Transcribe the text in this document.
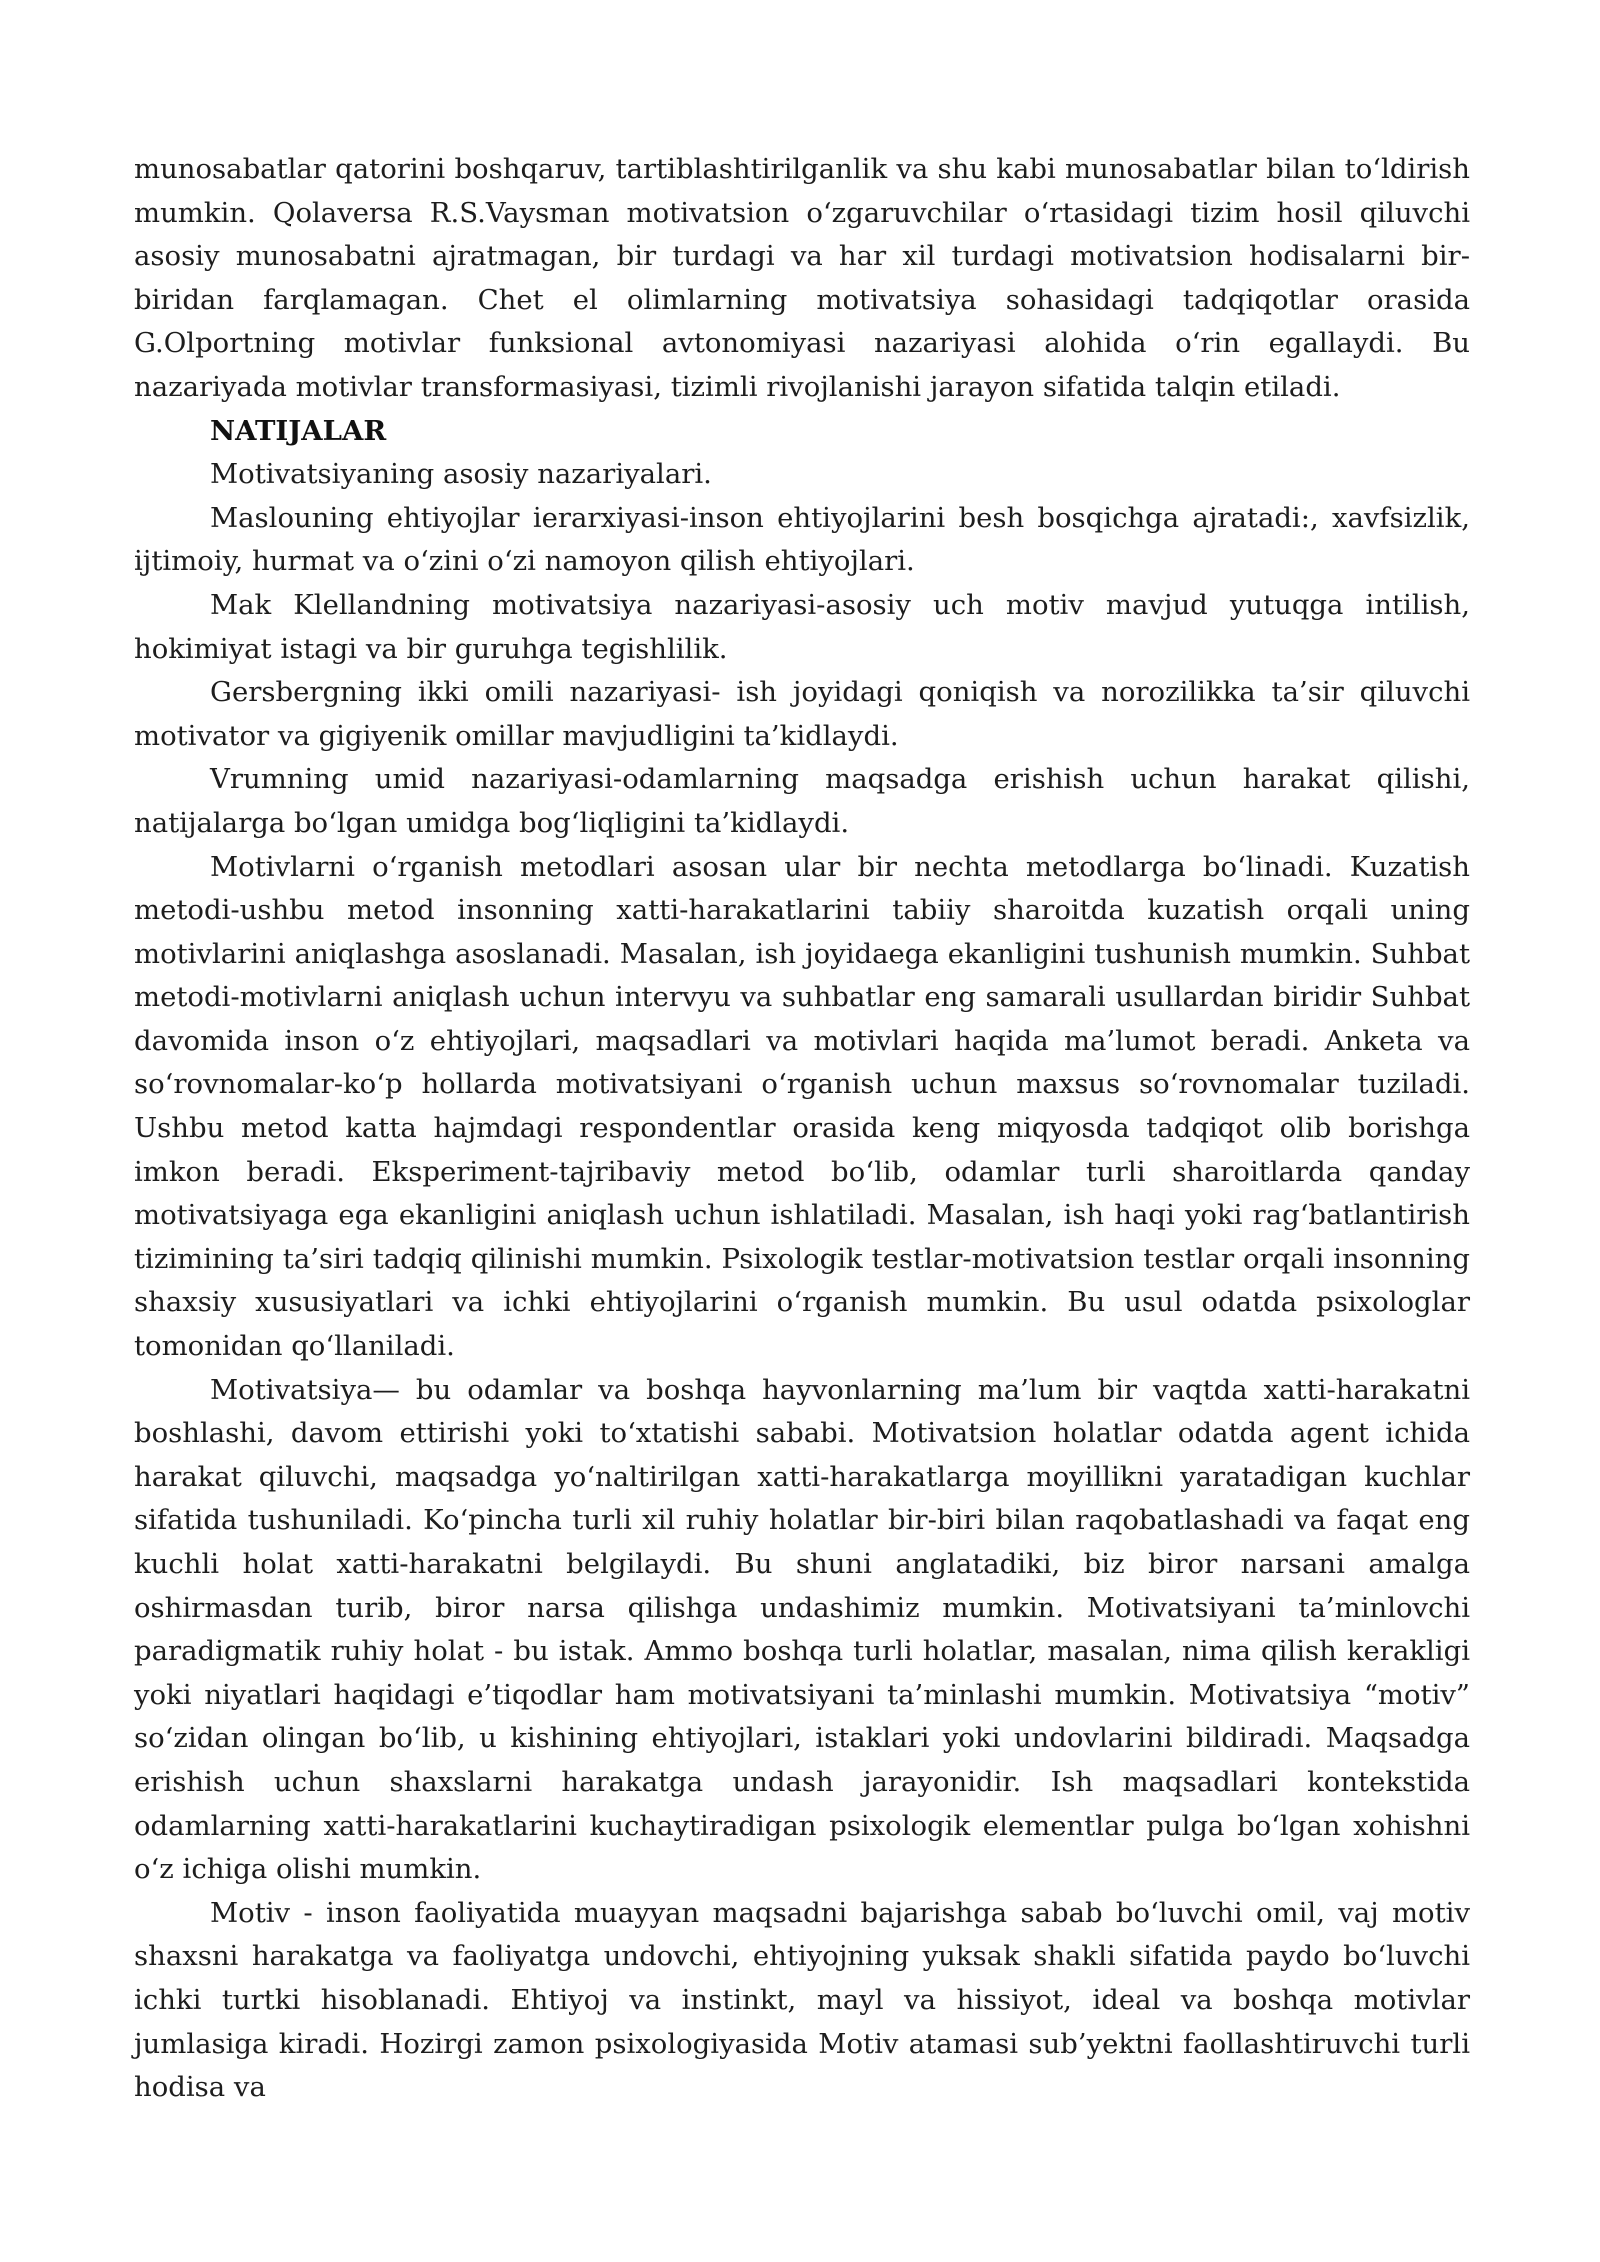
munosabatlar qatorini boshqaruv, tartiblashtirilganlik va shu kabi munosabatlar bilan to‘ldirish mumkin. Qolaversa R.S.Vaysman motivatsion o‘zgaruvchilar o‘rtasidagi tizim hosil qiluvchi asosiy munosabatni ajratmagan, bir turdagi va har xil turdagi motivatsion hodisalarni bir-biridan farqlamagan. Chet el olimlarning motivatsiya sohasidagi tadqiqotlar orasida G.Olportning motivlar funksional avtonomiyasi nazariyasi alohida o‘rin egallaydi. Bu nazariyada motivlar transformasiyasi, tizimli rivojlanishi jarayon sifatida talqin etiladi.

NATIJALAR

Motivatsiyaning asosiy nazariyalari.

Maslouning ehtiyojlar ierarxiyasi-inson ehtiyojlarini besh bosqichga ajratadi:, xavfsizlik, ijtimoiy, hurmat va o‘zini o‘zi namoyon qilish ehtiyojlari.

Mak Klellandning motivatsiya nazariyasi-asosiy uch motiv mavjud yutuqga intilish, hokimiyat istagi va bir guruhga tegishlilik.

Gersbergning ikki omili nazariyasi- ish joyidagi qoniqish va norozilikka ta’sir qiluvchi motivator va gigiyenik omillar mavjudligini ta’kidlaydi.

Vrumning umid nazariyasi-odamlarning maqsadga erishish uchun harakat qilishi, natijalarga bo‘lgan umidga bog‘liqligini ta’kidlaydi.

Motivlarni o‘rganish metodlari asosan ular bir nechta metodlarga bo‘linadi. Kuzatish metodi-ushbu metod insonning xatti-harakatlarini tabiiy sharoitda kuzatish orqali uning motivlarini aniqlashga asoslanadi. Masalan, ish joyidaega ekanligini tushunish mumkin. Suhbat metodi-motivlarni aniqlash uchun intervyu va suhbatlar eng samarali usullardan biridir Suhbat davomida inson o‘z ehtiyojlari, maqsadlari va motivlari haqida ma’lumot beradi. Anketa va so‘rovnomalar-ko‘p hollarda motivatsiyani o‘rganish uchun maxsus so‘rovnomalar tuziladi. Ushbu metod katta hajmdagi respondentlar orasida keng miqyosda tadqiqot olib borishga imkon beradi. Eksperiment-tajribaviy metod bo‘lib, odamlar turli sharoitlarda qanday motivatsiyaga ega ekanligini aniqlash uchun ishlatiladi. Masalan, ish haqi yoki rag‘batlantirish tizimining ta’siri tadqiq qilinishi mumkin. Psixologik testlar-motivatsion testlar orqali insonning shaxsiy xususiyatlari va ichki ehtiyojlarini o‘rganish mumkin. Bu usul odatda psixologlar tomonidan qo‘llaniladi.

Motivatsiya— bu odamlar va boshqa hayvonlarning ma’lum bir vaqtda xatti-harakatni boshlashi, davom ettirishi yoki to‘xtatishi sababi. Motivatsion holatlar odatda agent ichida harakat qiluvchi, maqsadga yo‘naltirilgan xatti-harakatlarga moyillikni yaratadigan kuchlar sifatida tushuniladi. Ko‘pincha turli xil ruhiy holatlar bir-biri bilan raqobatlashadi va faqat eng kuchli holat xatti-harakatni belgilaydi. Bu shuni anglatadiki, biz biror narsani amalga oshirmasdan turib, biror narsa qilishga undashimiz mumkin. Motivatsiyani ta’minlovchi paradigmatik ruhiy holat - bu istak. Ammo boshqa turli holatlar, masalan, nima qilish kerakligi yoki niyatlari haqidagi e’tiqodlar ham motivatsiyani ta’minlashi mumkin. Motivatsiya “motiv” so‘zidan olingan bo‘lib, u kishining ehtiyojlari, istaklari yoki undovlarini bildiradi. Maqsadga erishish uchun shaxslarni harakatga undash jarayonidir. Ish maqsadlari kontekstida odamlarning xatti-harakatlarini kuchaytiradigan psixologik elementlar pulga bo‘lgan xohishni o‘z ichiga olishi mumkin.

Motiv - inson faoliyatida muayyan maqsadni bajarishga sabab bo‘luvchi omil, vaj motiv shaxsni harakatga va faoliyatga undovchi, ehtiyojning yuksak shakli sifatida paydo bo‘luvchi ichki turtki hisoblanadi. Ehtiyoj va instinkt, mayl va hissiyot, ideal va boshqa motivlar jumlasiga kiradi. Hozirgi zamon psixologiyasida Motiv atamasi sub’yektni faollashtiruvchi turli hodisa va
